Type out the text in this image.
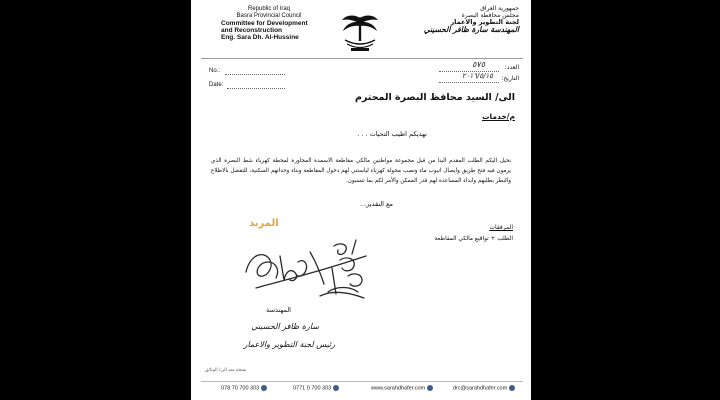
Republic of Iraq
Basra Provincial Council
Committee for Development
and Reconstruction
Eng. Sara Dh. Al-Hussine
جمهورية العراق
مجلس محافظة البصرة
لجنة التطوير والاعمار
المهندسة سارة ظافر الحسيني
No.:
Date:
العدد:
٥٧٥
التاريخ:
٢٠١٦/٥/١٥
الى/ السيد محافظ البصرة المحترم
م/خدمات
نهديكم اطيب التحيات . . .
نحيل اليكم الطلب المقدم الينا من قبل مجموعة مواطنين مالكي مقاطعة الاسمدة المجاورة لمحطة كهرباء شط البصرة الذي يرمون فيه فتح طريق وايصال انبوب ماء ونصب محولة كهرباء لياستني لهم دخول المقاطعة وبناء وحداتهم السكنية، للتفضل بالاطلاع والنظر بطلبهم وابداء المساعدة لهم قدر الممكن والأمر لكم بما تنسبون.
مع التقدير...
المربد	المرفقات
الطلب + تواقيع مالكي المقاطعة
المهندسة
سارة ظافر الحسيني
رئيس لجنة التطوير والاعمار
نسخة منه الى/ الوثائق
078 70 700 303	0771 0 700 303	www.sarahdhafer.com	drc@sarahdhafer.com
